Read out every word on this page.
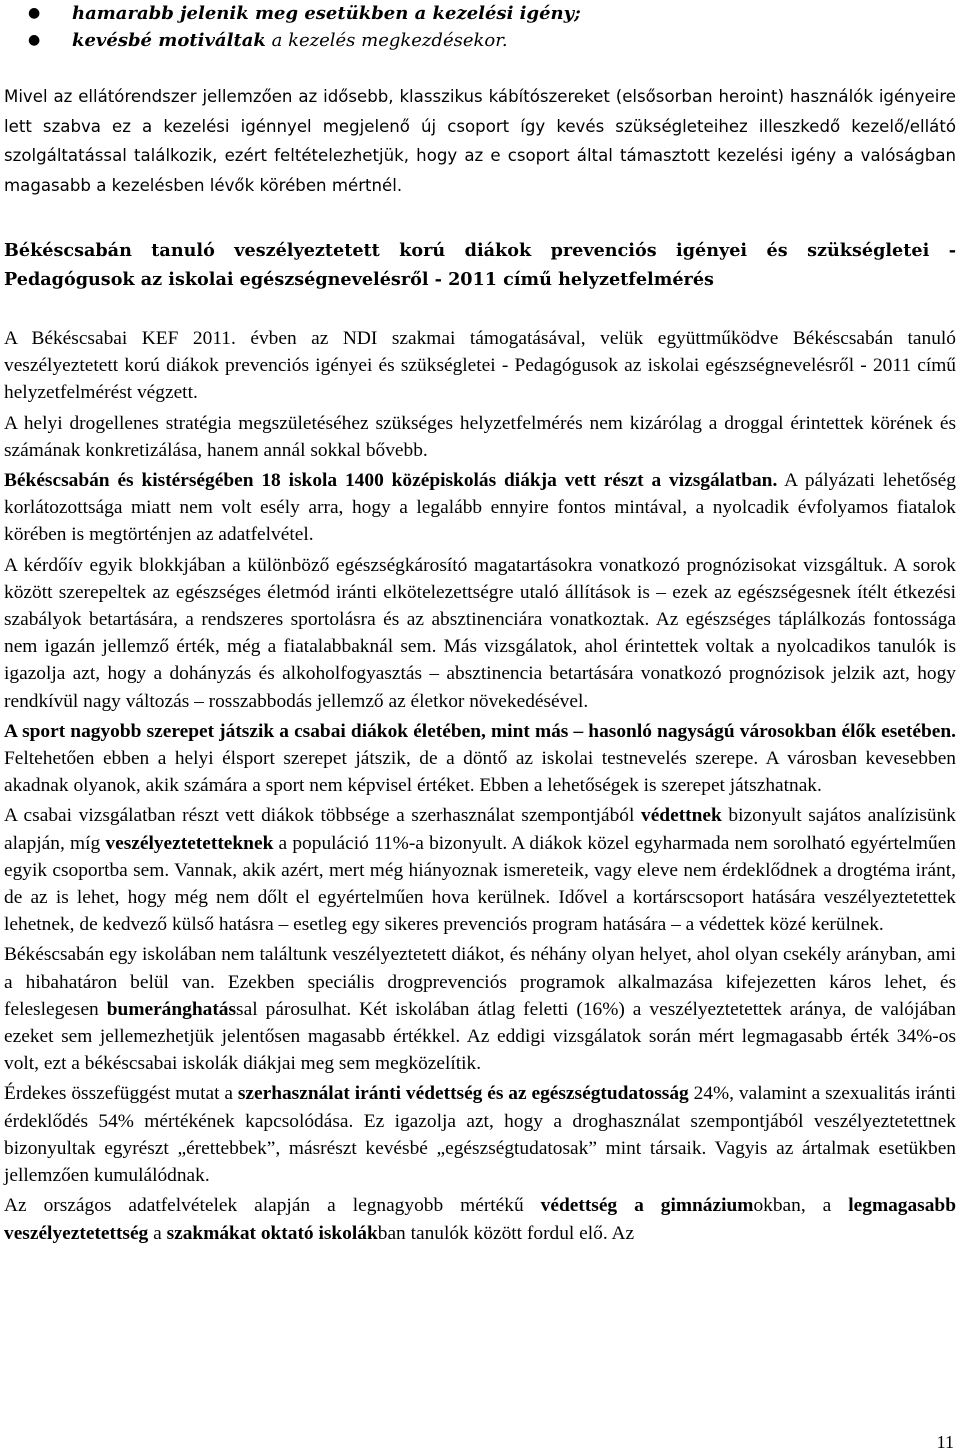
● hamarabb jelenik meg esetükben a kezelési igény;
● kevésbé motiváltak a kezelés megkezdésekor.

Mivel az ellátórendszer jellemzően az idősebb, klasszikus kábítószereket (elsősorban heroint) használók igényeire lett szabva ez a kezelési igénnyel megjelenő új csoport így kevés szükségleteihez illeszkedő kezelő/ellátó szolgáltatással találkozik, ezért feltételezhetjük, hogy az e csoport által támasztott kezelési igény a valóságban magasabb a kezelésben lévők körében mértnél.

Békéscsabán tanuló veszélyeztetett korú diákok prevenciós igényei és szükségletei - Pedagógusok az iskolai egészségnevelésről - 2011 című helyzetfelmérés

A Békéscsabai KEF 2011. évben az NDI szakmai támogatásával, velük együttműködve Békéscsabán tanuló veszélyeztetett korú diákok prevenciós igényei és szükségletei - Pedagógusok az iskolai egészségnevelésről - 2011 című helyzetfelmérést végzett.

A helyi drogellenes stratégia megszületéséhez szükséges helyzetfelmérés nem kizárólag a droggal érintettek körének és számának konkretizálása, hanem annál sokkal bővebb.

Békéscsabán és kistérségében 18 iskola 1400 középiskolás diákja vett részt a vizsgálatban. A pályázati lehetőség korlátozottsága miatt nem volt esély arra, hogy a legalább ennyire fontos mintával, a nyolcadik évfolyamos fiatalok körében is megtörténjen az adatfelvétel.

A kérdőív egyik blokkjában a különböző egészségkárosító magatartásokra vonatkozó prognózisokat vizsgáltuk. A sorok között szerepeltek az egészséges életmód iránti elkötelezettségre utaló állítások is – ezek az egészségesnek ítélt étkezési szabályok betartására, a rendszeres sportolásra és az absztinenciára vonatkoztak. Az egészséges táplálkozás fontossága nem igazán jellemző érték, még a fiatalabbaknál sem. Más vizsgálatok, ahol érintettek voltak a nyolcadikos tanulók is igazolja azt, hogy a dohányzás és alkoholfogyasztás – absztinencia betartására vonatkozó prognózisok jelzik azt, hogy rendkívül nagy változás – rosszabbodás jellemző az életkor növekedésével.

A sport nagyobb szerepet játszik a csabai diákok életében, mint más – hasonló nagyságú városokban élők esetében. Feltehetően ebben a helyi élsport szerepet játszik, de a döntő az iskolai testnevelés szerepe. A városban kevesebben akadnak olyanok, akik számára a sport nem képvisel értéket. Ebben a lehetőségek is szerepet játszhatnak.

A csabai vizsgálatban részt vett diákok többsége a szerhasználat szempontjából védettnek bizonyult sajátos analízisünk alapján, míg veszélyeztetetteknek a populáció 11%-a bizonyult. A diákok közel egyharmada nem sorolható egyértelműen egyik csoportba sem. Vannak, akik azért, mert még hiányoznak ismereteik, vagy eleve nem érdeklődnek a drogtéma iránt, de az is lehet, hogy még nem dőlt el egyértelműen hova kerülnek. Idővel a kortárscsoport hatására veszélyeztetettek lehetnek, de kedvező külső hatásra – esetleg egy sikeres prevenciós program hatására – a védettek közé kerülnek.

Békéscsabán egy iskolában nem találtunk veszélyeztetett diákot, és néhány olyan helyet, ahol olyan csekély arányban, ami a hibahatáron belül van. Ezekben speciális drogprevenciós programok alkalmazása kifejezetten káros lehet, és feleslegesen bumeránghatással párosulhat. Két iskolában átlag feletti (16%) a veszélyeztetettek aránya, de valójában ezeket sem jellemezhetjük jelentősen magasabb értékkel. Az eddigi vizsgálatok során mért legmagasabb érték 34%-os volt, ezt a békéscsabai iskolák diákjai meg sem megközelítik.

Érdekes összefüggést mutat a szerhasználat iránti védettség és az egészségtudatosság 24%, valamint a szexualitás iránti érdeklődés 54% mértékének kapcsolódása. Ez igazolja azt, hogy a droghasználat szempontjából veszélyeztetettnek bizonyultak egyrészt „érettebbek”, másrészt kevésbé „egészségtudatosak” mint társaik. Vagyis az ártalmak esetükben jellemzően kumulálódnak.

Az országos adatfelvételek alapján a legnagyobb mértékű védettség a gimnáziumokban, a legmagasabb veszélyeztetettség a szakmákat oktató iskolákban tanulók között fordul elő. Az

11
